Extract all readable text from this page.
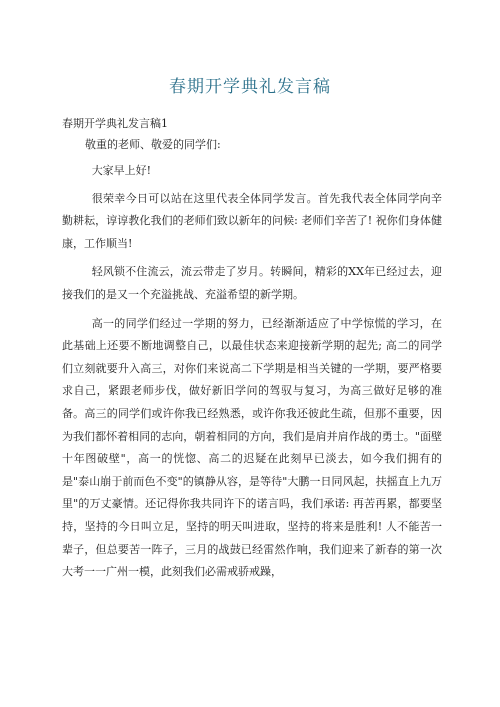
春期开学典礼发言稿
春期开学典礼发言稿1
敬重的老师、敬爱的同学们:

大家早上好!

很荣幸今日可以站在这里代表全体同学发言。首先我代表全体同学向辛勤耕耘，谆谆教化我们的老师们致以新年的问候: 老师们辛苦了! 祝你们身体健康，工作顺当!

轻风锁不住流云，流云带走了岁月。转瞬间，精彩的XX年已经过去，迎接我们的是又一个充溢挑战、充溢希望的新学期。

高一的同学们经过一学期的努力，已经渐渐适应了中学惊慌的学习，在此基础上还要不断地调整自己，以最佳状态来迎接新学期的起先; 高二的同学们立刻就要升入高三，对你们来说高二下学期是相当关键的一学期，要严格要求自己，紧跟老师步伐，做好新旧学问的驾驭与复习，为高三做好足够的准备。高三的同学们或许你我已经熟悉，或许你我还彼此生疏，但那不重要，因为我们都怀着相同的志向，朝着相同的方向，我们是肩并肩作战的勇士。"面壁十年图破壁"，高一的恍惚、高二的迟疑在此刻早已淡去，如今我们拥有的是"泰山崩于前而色不变"的镇静从容，是等待"大鹏一日同风起，扶摇直上九万里"的万丈豪情。还记得你我共同许下的诺言吗，我们承诺: 再苦再累，都要坚持，坚持的今日叫立足，坚持的明天叫进取，坚持的将来是胜利! 人不能苦一辈子，但总要苦一阵子，三月的战鼓已经雷然作响，我们迎来了新春的第一次大考一一广州一模，此刻我们必需戒骄戒躁，
